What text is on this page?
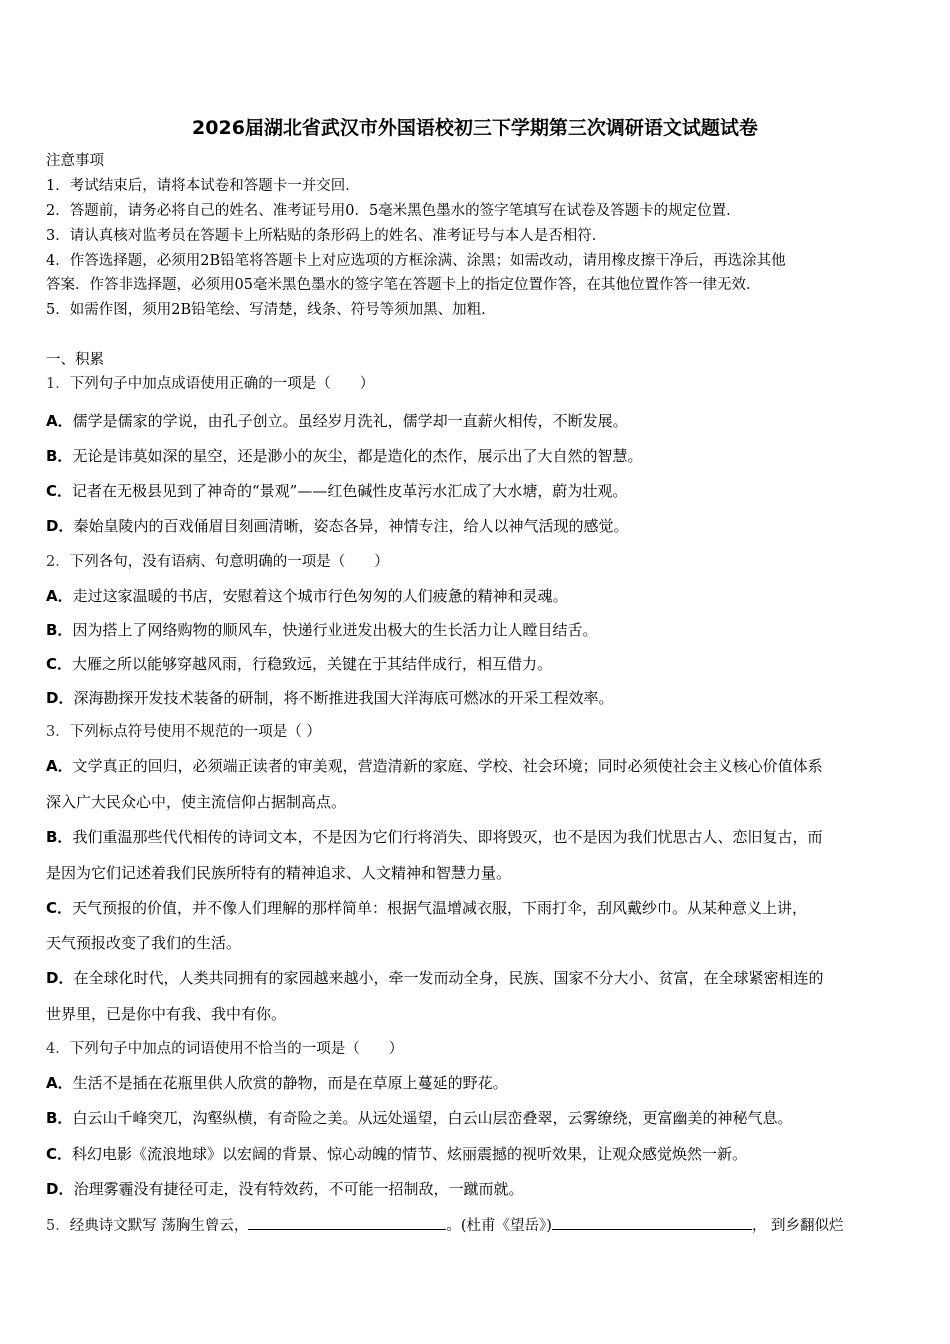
2026届湖北省武汉市外国语校初三下学期第三次调研语文试题试卷
注意事项
1．考试结束后，请将本试卷和答题卡一并交回．
2．答题前，请务必将自己的姓名、准考证号用0．5毫米黑色墨水的签字笔填写在试卷及答题卡的规定位置．
3．请认真核对监考员在答题卡上所粘贴的条形码上的姓名、准考证号与本人是否相符．
4．作答选择题，必须用2B铅笔将答题卡上对应选项的方框涂满、涂黑；如需改动，请用橡皮擦干净后，再选涂其他
答案．作答非选择题，必须用05毫米黑色墨水的签字笔在答题卡上的指定位置作答，在其他位置作答一律无效．
5．如需作图，须用2B铅笔绘、写清楚，线条、符号等须加黑、加粗．
一、积累
1．下列句子中加点成语使用正确的一项是（　　）
A．儒学是儒家的学说，由孔子创立。虽经岁月洗礼，儒学却一直薪火相传，不断发展。
B．无论是讳莫如深的星空，还是渺小的灰尘，都是造化的杰作，展示出了大自然的智慧。
C．记者在无极县见到了神奇的“景观”——红色碱性皮革污水汇成了大水塘，蔚为壮观。
D．秦始皇陵内的百戏俑眉目刻画清晰，姿态各异，神情专注，给人以神气活现的感觉。
2．下列各句，没有语病、句意明确的一项是（　　）
A．走过这家温暖的书店，安慰着这个城市行色匆匆的人们疲惫的精神和灵魂。
B．因为搭上了网络购物的顺风车，快递行业迸发出极大的生长活力让人瞠目结舌。
C．大雁之所以能够穿越风雨，行稳致远，关键在于其结伴成行，相互借力。
D．深海勘探开发技术装备的研制，将不断推进我国大洋海底可燃冰的开采工程效率。
3．下列标点符号使用不规范的一项是（ ）
A．文学真正的回归，必须端正读者的审美观，营造清新的家庭、学校、社会环境；同时必须使社会主义核心价值体系
深入广大民众心中，使主流信仰占据制高点。
B．我们重温那些代代相传的诗词文本，不是因为它们行将消失、即将毁灭，也不是因为我们忧思古人、恋旧复古，而
是因为它们记述着我们民族所特有的精神追求、人文精神和智慧力量。
C．天气预报的价值，并不像人们理解的那样简单：根据气温增减衣服，下雨打伞，刮风戴纱巾。从某种意义上讲，
天气预报改变了我们的生活。
D．在全球化时代，人类共同拥有的家园越来越小，牵一发而动全身，民族、国家不分大小、贫富，在全球紧密相连的
世界里，已是你中有我、我中有你。
4．下列句子中加点的词语使用不恰当的一项是（　　）
A．生活不是插在花瓶里供人欣赏的静物，而是在草原上蔓延的野花。
B．白云山千峰突兀，沟壑纵横，有奇险之美。从远处遥望，白云山层峦叠翠，云雾缭绕，更富幽美的神秘气息。
C．科幻电影《流浪地球》以宏阔的背景、惊心动魄的情节、炫丽震撼的视听效果，让观众感觉焕然一新。
D．治理雾霾没有捷径可走，没有特效药，不可能一招制敌，一蹴而就。
5．经典诗文默写 荡胸生曾云，	。(杜甫《望岳》)	， 到乡翻似烂
